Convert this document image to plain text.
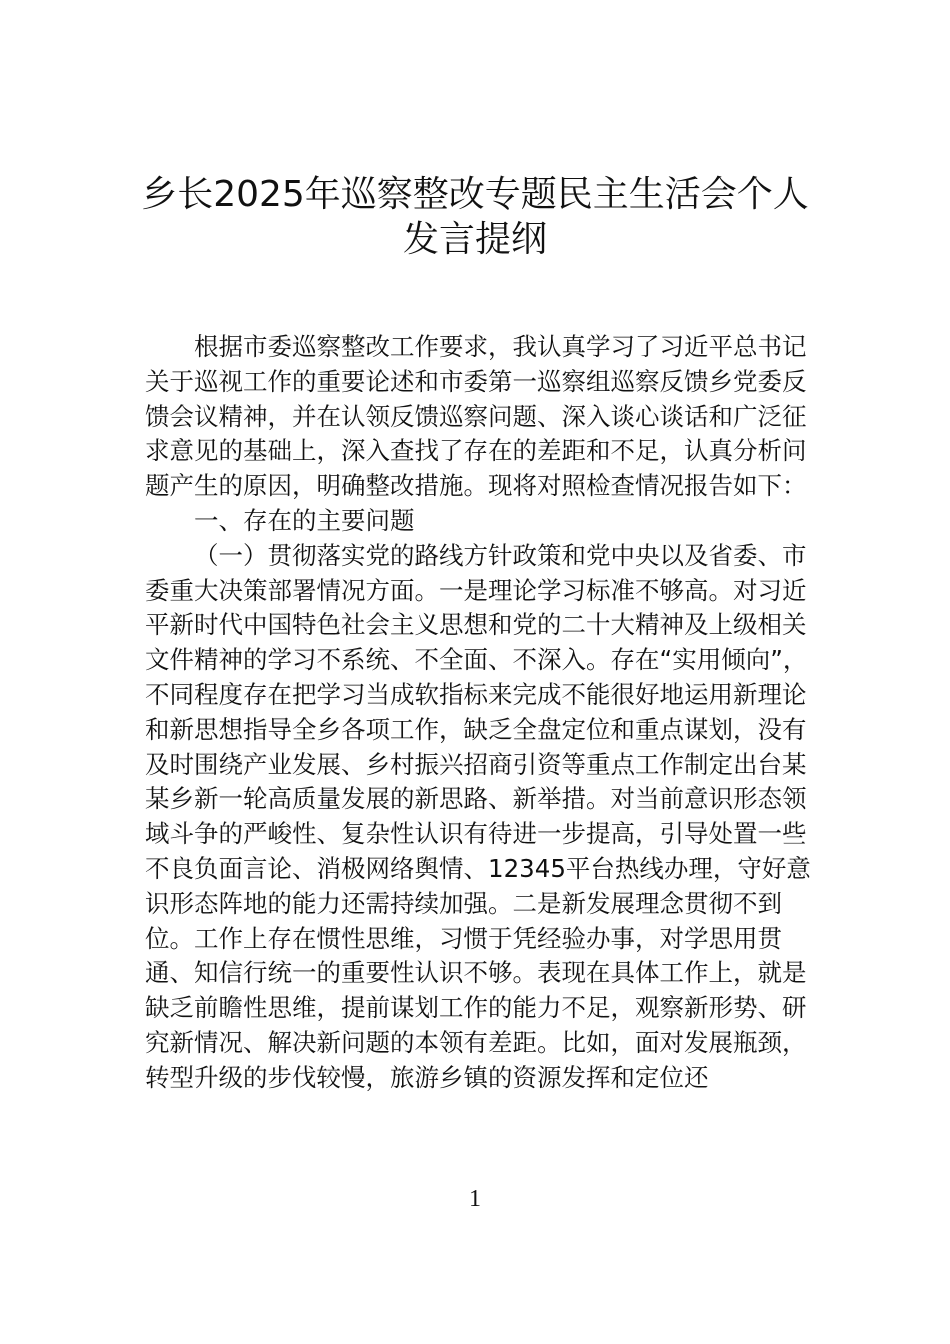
乡长2025年巡察整改专题民主生活会个人
发言提纲

根据市委巡察整改工作要求，我认真学习了习近平总书记关于巡视工作的重要论述和市委第一巡察组巡察反馈乡党委反馈会议精神，并在认领反馈巡察问题、深入谈心谈话和广泛征求意见的基础上，深入查找了存在的差距和不足，认真分析问题产生的原因，明确整改措施。现将对照检查情况报告如下：

一、存在的主要问题

（一）贯彻落实党的路线方针政策和党中央以及省委、市委重大决策部署情况方面。一是理论学习标准不够高。对习近平新时代中国特色社会主义思想和党的二十大精神及上级相关文件精神的学习不系统、不全面、不深入。存在“实用倾向”，不同程度存在把学习当成软指标来完成不能很好地运用新理论和新思想指导全乡各项工作，缺乏全盘定位和重点谋划，没有及时围绕产业发展、乡村振兴招商引资等重点工作制定出台某某乡新一轮高质量发展的新思路、新举措。对当前意识形态领域斗争的严峻性、复杂性认识有待进一步提高，引导处置一些不良负面言论、消极网络舆情、12345平台热线办理，守好意识形态阵地的能力还需持续加强。二是新发展理念贯彻不到位。工作上存在惯性思维，习惯于凭经验办事，对学思用贯通、知信行统一的重要性认识不够。表现在具体工作上，就是缺乏前瞻性思维，提前谋划工作的能力不足，观察新形势、研究新情况、解决新问题的本领有差距。比如，面对发展瓶颈，转型升级的步伐较慢，旅游乡镇的资源发挥和定位还

1
